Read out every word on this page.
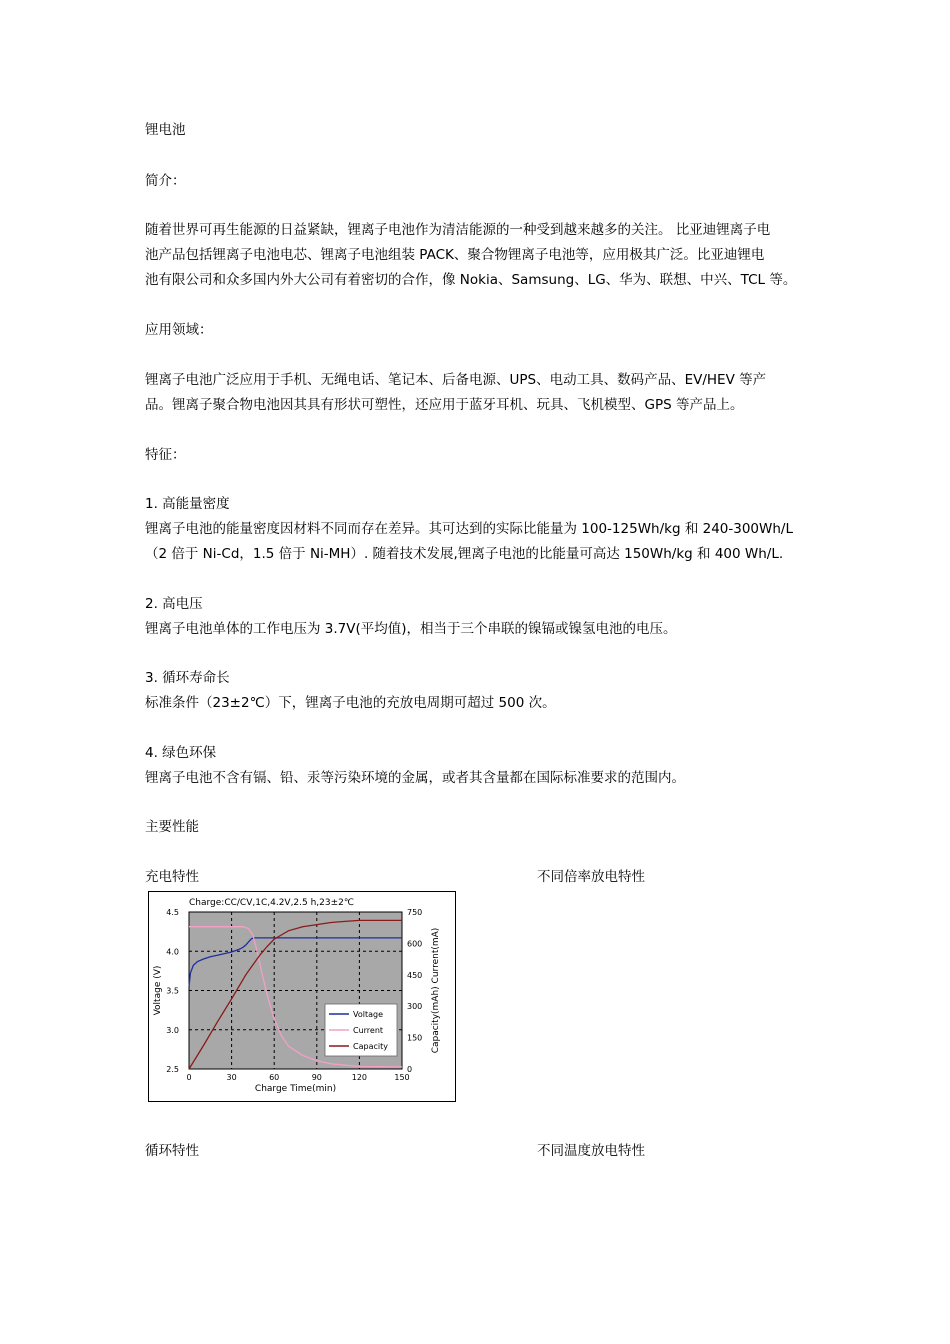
锂电池
简介：
随着世界可再生能源的日益紧缺，锂离子电池作为清洁能源的一种受到越来越多的关注。 比亚迪锂离子电
池产品包括锂离子电池电芯、锂离子电池组装 PACK、聚合物锂离子电池等，应用极其广泛。比亚迪锂电
池有限公司和众多国内外大公司有着密切的合作，像 Nokia、Samsung、LG、华为、联想、中兴、TCL 等。
应用领域：
锂离子电池广泛应用于手机、无绳电话、笔记本、后备电源、UPS、电动工具、数码产品、EV/HEV 等产
品。锂离子聚合物电池因其具有形状可塑性，还应用于蓝牙耳机、玩具、飞机模型、GPS 等产品上。
特征：
1. 高能量密度
锂离子电池的能量密度因材料不同而存在差异。其可达到的实际比能量为 100-125Wh/kg 和 240-300Wh/L
（2 倍于 Ni-Cd，1.5 倍于 Ni-MH）. 随着技术发展,锂离子电池的比能量可高达 150Wh/kg 和 400 Wh/L.
2. 高电压
锂离子电池单体的工作电压为 3.7V(平均值)，相当于三个串联的镍镉或镍氢电池的电压。
3. 循环寿命长
标准条件（23±2℃）下，锂离子电池的充放电周期可超过 500 次。
4. 绿色环保
锂离子电池不含有镉、铅、汞等污染环境的金属，或者其含量都在国际标准要求的范围内。
主要性能
充电特性
循环特性
不同倍率放电特性
不同温度放电特性
Charge:CC/CV,1C,4.2V,2.5 h,23±2℃
0	30	60	90	120	150
2.5
3.0
3.5
4.0
4.5
0
150
300
450
600
750
Charge Time(min)
Voltage (V)	Capacity(mAh) Current(mA)
Voltage
Current
Capacity
